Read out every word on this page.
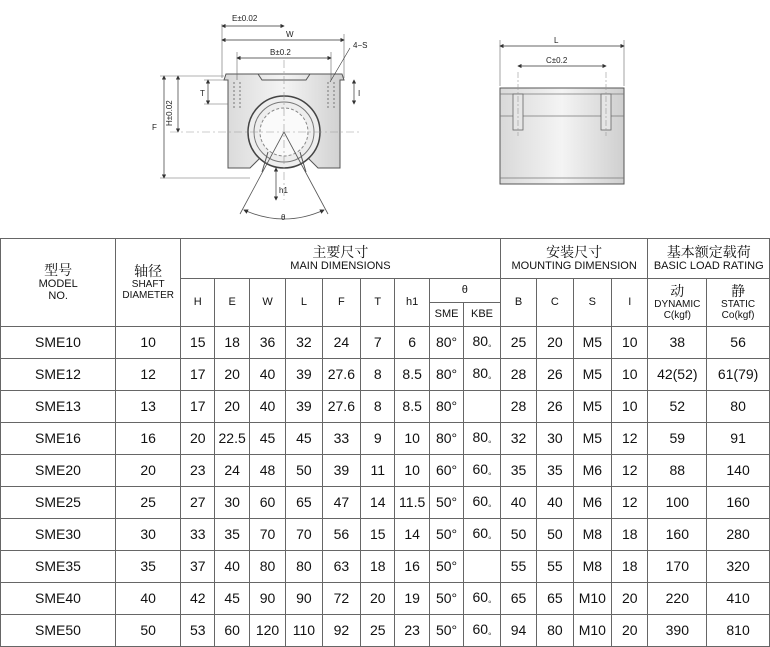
E±0.02
W
B±0.2
4−S
F
H±0.02
T	I
h1
θ
L
C±0.2
型号
MODEL
NO.	轴径
SHAFT
DIAMETER	主要尺寸
MAIN DIMENSIONS									安装尺寸
MOUNTING DIMENSION				基本额定载荷
BASIC LOAD RATING	

		H	E	W	L	F	T	h1	θ		B	C	S	I	动
DYNAMIC
C(kgf)	静
STATIC
Co(kgf)

									SME	KBE						
SME10	10	15	18	36	32	24	7	6	80°	80◦	25	20	M5	10	38	56
SME12	12	17	20	40	39	27.6	8	8.5	80°	80◦	28	26	M5	10	42(52)	61(79)
SME13	13	17	20	40	39	27.6	8	8.5	80°		28	26	M5	10	52	80
SME16	16	20	22.5	45	45	33	9	10	80°	80◦	32	30	M5	12	59	91
SME20	20	23	24	48	50	39	11	10	60°	60◦	35	35	M6	12	88	140
SME25	25	27	30	60	65	47	14	11.5	50°	60◦	40	40	M6	12	100	160
SME30	30	33	35	70	70	56	15	14	50°	60◦	50	50	M8	18	160	280
SME35	35	37	40	80	80	63	18	16	50°		55	55	M8	18	170	320
SME40	40	42	45	90	90	72	20	19	50°	60◦	65	65	M10	20	220	410
SME50	50	53	60	120	110	92	25	23	50°	60◦	94	80	M10	20	390	810
